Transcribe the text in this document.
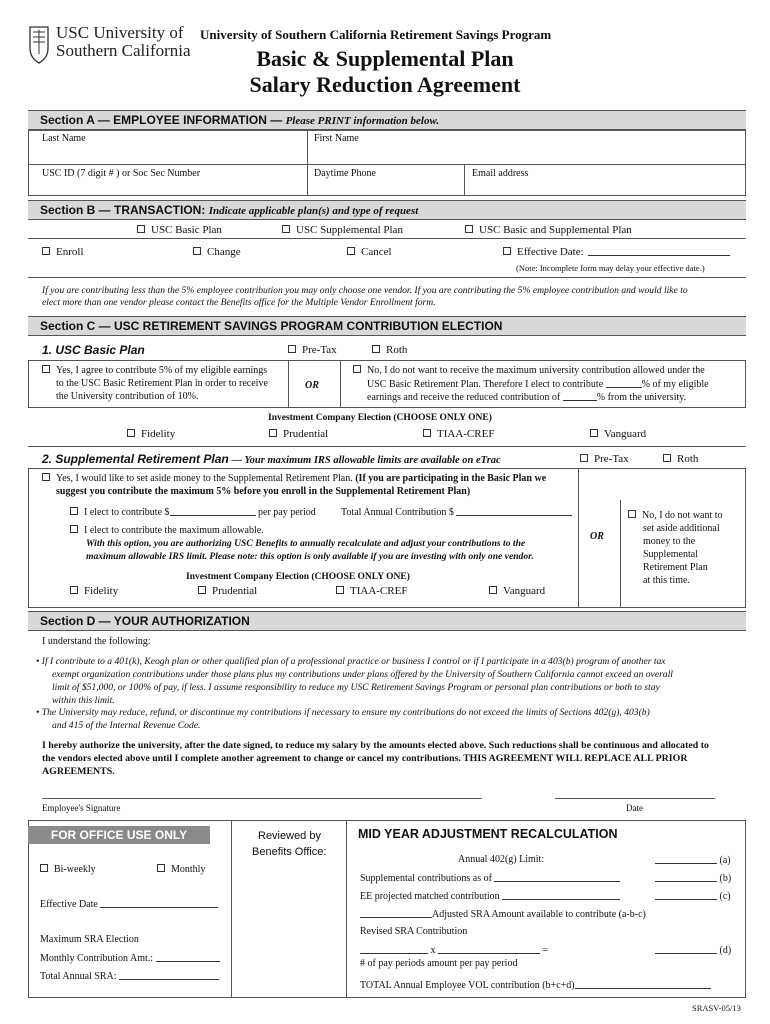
USC University of
Southern California
University of Southern California Retirement Savings Program
Basic & Supplemental Plan
Salary Reduction Agreement
Section A — EMPLOYEE INFORMATION — Please PRINT information below.
Last Name	First Name
USC ID (7 digit # ) or Soc Sec Number	Daytime Phone	Email address
Section B — TRANSACTION: Indicate applicable plan(s) and type of request
USC Basic Plan	USC Supplemental Plan	USC Basic and Supplemental Plan
Enroll	Change	Cancel	Effective Date:
(Note: Incomplete form may delay your effective date.)
If you are contributing less than the 5% employee contribution you may only choose one vendor. If you are contributing the 5% employee contribution and would like to
elect more than one vendor please contact the Benefits office for the Multiple Vendor Enrollment form.
Section C — USC RETIREMENT SAVINGS PROGRAM CONTRIBUTION ELECTION
1. USC Basic Plan	Pre-Tax	Roth
Yes, I agree to contribute 5% of my eligible earnings
to the USC Basic Retirement Plan in order to receive
the University contribution of 10%.
OR
No, I do not want to receive the maximum university contribution allowed under the
USC Basic Retirement Plan. Therefore I elect to contribute	% of my eligible
earnings and receive the reduced contribution of	% from the university.
Investment Company Election (CHOOSE ONLY ONE)
Fidelity	Prudential	TIAA-CREF	Vanguard
2. Supplemental Retirement Plan — Your maximum IRS allowable limits are available on eTrac	Pre-Tax	Roth
Yes, I would like to set aside money to the Supplemental Retirement Plan. (If you are participating in the Basic Plan we
suggest you contribute the maximum 5% before you enroll in the Supplemental Retirement Plan)
I elect to contribute $	per pay period	Total Annual Contribution $
I elect to contribute the maximum allowable.
With this option, you are authorizing USC Benefits to annually recalculate and adjust your contributions to the
maximum allowable IRS limit. Please note: this option is only available if you are investing with only one vendor.
Investment Company Election (CHOOSE ONLY ONE)
Fidelity	Prudential	TIAA-CREF	Vanguard
OR
No, I do not want to
set aside additional
money to the
Supplemental
Retirement Plan
at this time.
Section D — YOUR AUTHORIZATION
I understand the following:
• If I contribute to a 401(k), Keogh plan or other qualified plan of a professional practice or business I control or if I participate in a 403(b) program of another tax
exempt organization contributions under those plans plus my contributions under plans offered by the University of Southern California cannot exceed an overall
limit of $51,000, or 100% of pay, if less. I assume responsibility to reduce my USC Retirement Savings Program or personal plan contributions or both to stay
within this limit.
• The University may reduce, refund, or discontinue my contributions if necessary to ensure my contributions do not exceed the limits of Sections 402(g), 403(b)
and 415 of the Internal Revenue Code.
I hereby authorize the university, after the date signed, to reduce my salary by the amounts elected above. Such reductions shall be continuous and allocated to
the vendors elected above until I complete another agreement to change or cancel my contributions. THIS AGREEMENT WILL REPLACE ALL PRIOR
AGREEMENTS.
Employee's Signature	Date
FOR OFFICE USE ONLY
Bi-weekly	Monthly
Effective Date
Maximum SRA Election
Monthly Contribution Amt.:
Total Annual SRA:
Reviewed by
Benefits Office:
MID YEAR ADJUSTMENT RECALCULATION
Annual 402(g) Limit:	(a)
Supplemental contributions as of	(b)
EE projected matched contribution	(c)
Adjusted SRA Amount available to contribute (a-b-c)
Revised SRA Contribution
x	=	(d)
# of pay periods amount per pay period
TOTAL Annual Employee VOL contribution (b+c+d)
SRASV-05/13
